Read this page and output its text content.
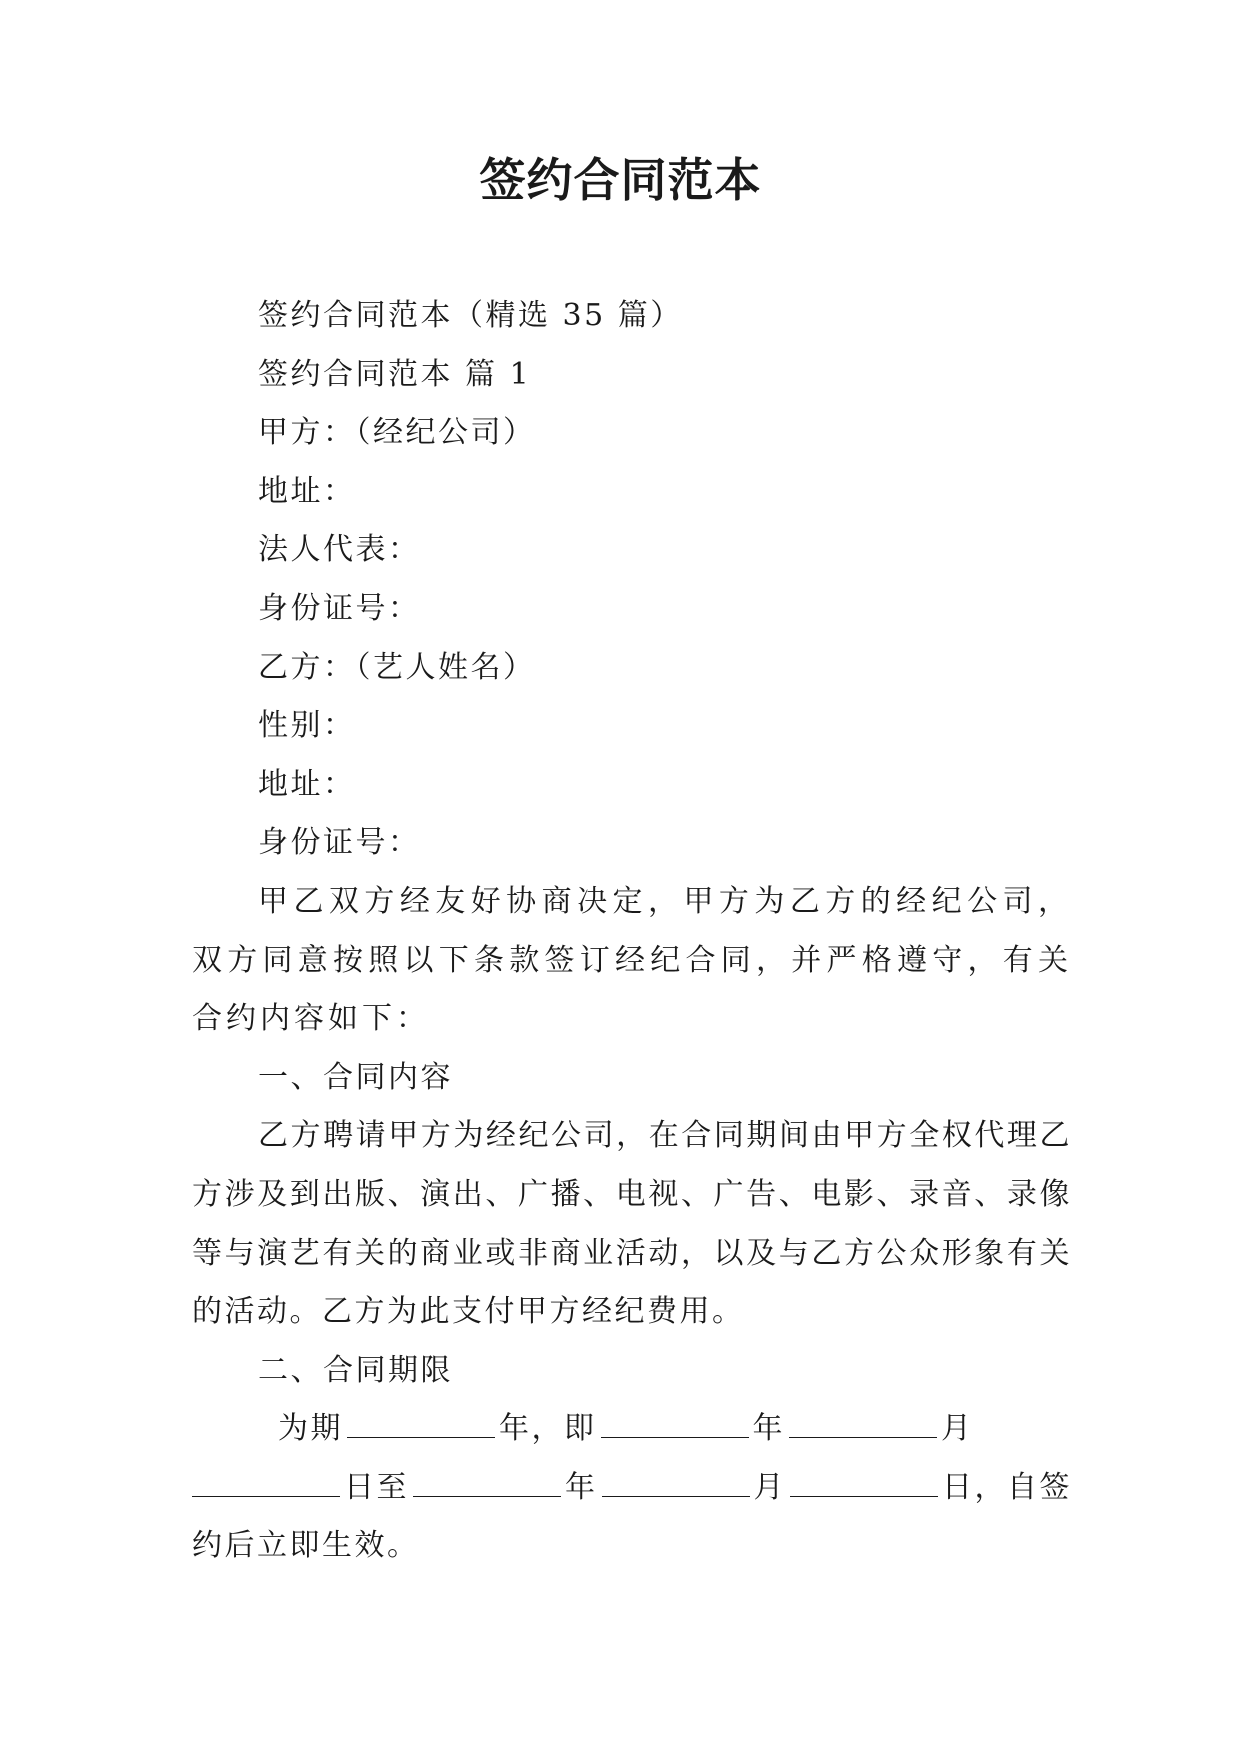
签约合同范本

签约合同范本（精选 35 篇）

签约合同范本 篇 1

甲方：（经纪公司）

地址：

法人代表：

身份证号：

乙方：（艺人姓名）

性别：

地址：

身份证号：

甲乙双方经友好协商决定，甲方为乙方的经纪公司，双方同意按照以下条款签订经纪合同，并严格遵守，有关合约内容如下：

一、合同内容

乙方聘请甲方为经纪公司，在合同期间由甲方全权代理乙方涉及到出版、演出、广播、电视、广告、电影、录音、录像等与演艺有关的商业或非商业活动，以及与乙方公众形象有关的活动。乙方为此支付甲方经纪费用。

二、合同期限

为期	年，即	年	月

日至	年	月	日，自签

约后立即生效。
